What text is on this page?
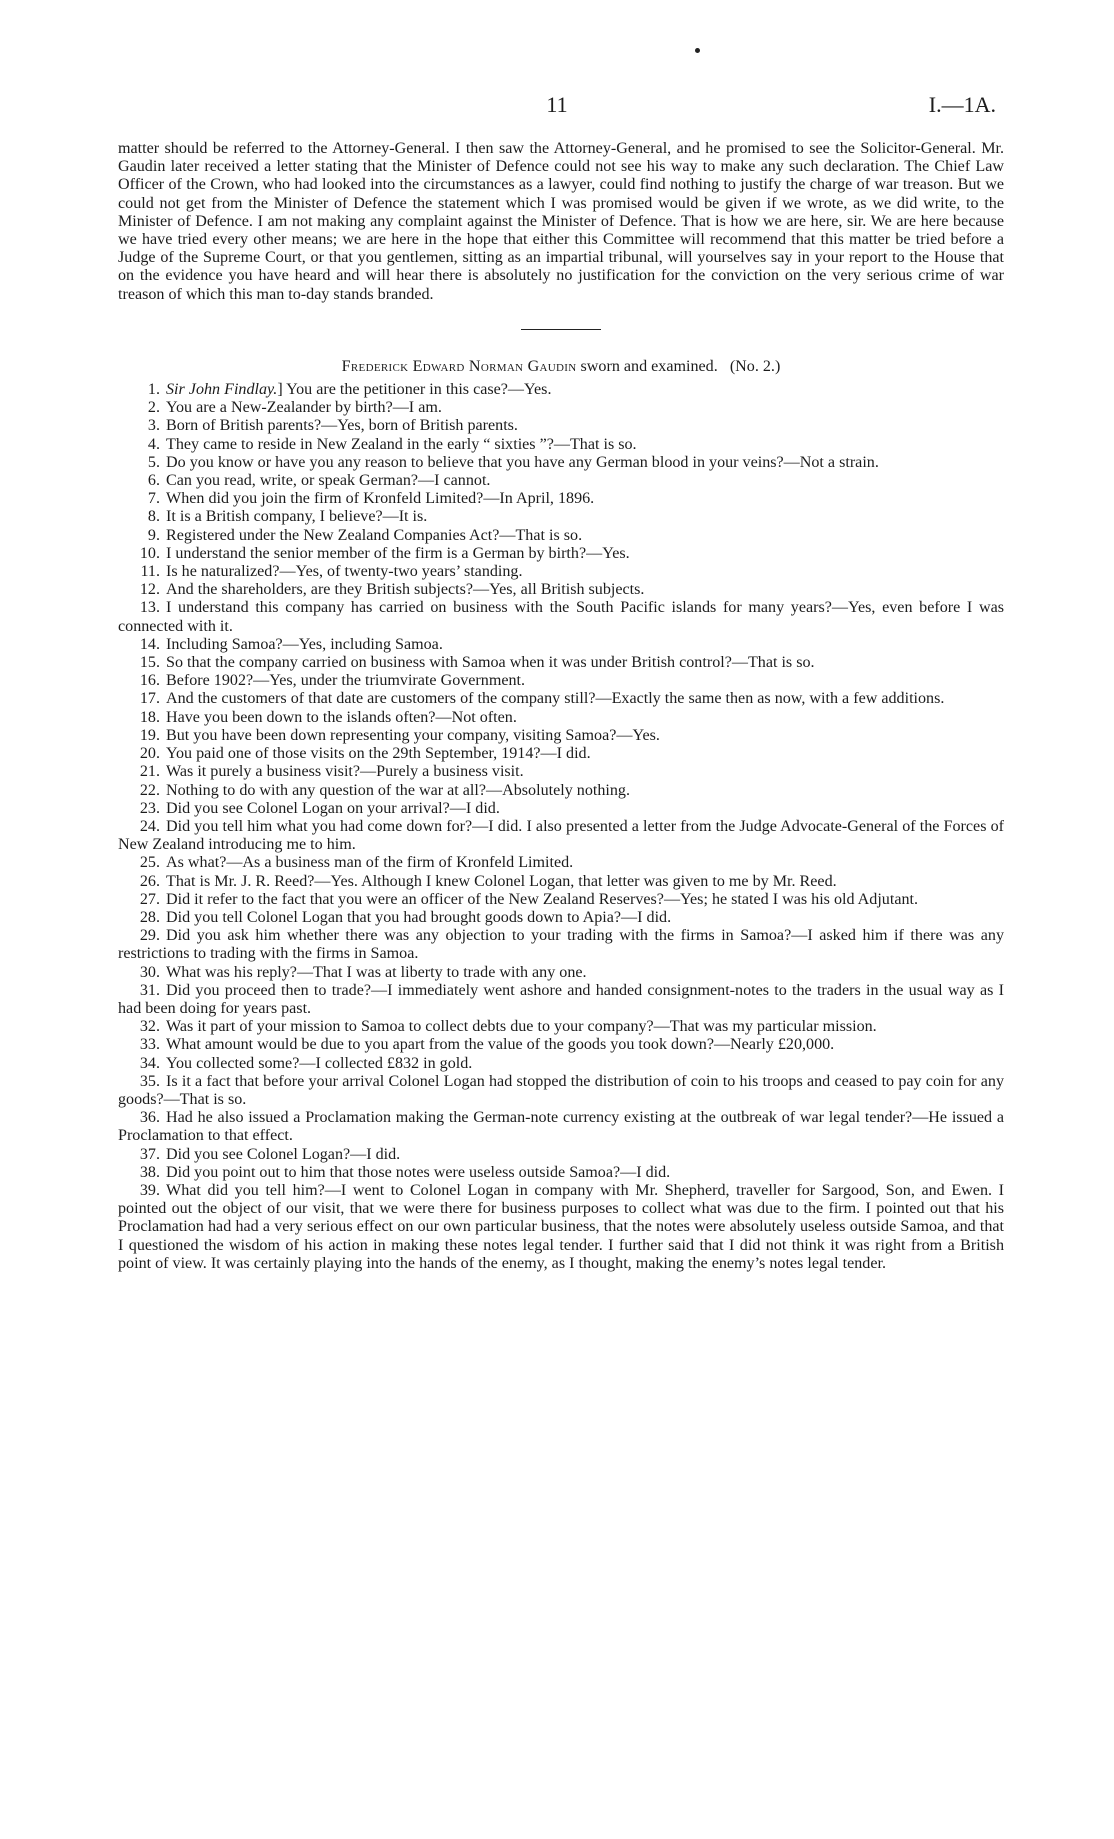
11	I.—1A.

matter should be referred to the Attorney-General. I then saw the Attorney-General, and he promised to see the Solicitor-General. Mr. Gaudin later received a letter stating that the Minister of Defence could not see his way to make any such declaration. The Chief Law Officer of the Crown, who had looked into the circumstances as a lawyer, could find nothing to justify the charge of war treason. But we could not get from the Minister of Defence the statement which I was promised would be given if we wrote, as we did write, to the Minister of Defence. I am not making any complaint against the Minister of Defence. That is how we are here, sir. We are here because we have tried every other means; we are here in the hope that either this Committee will recommend that this matter be tried before a Judge of the Supreme Court, or that you gentlemen, sitting as an impartial tribunal, will yourselves say in your report to the House that on the evidence you have heard and will hear there is absolutely no justification for the conviction on the very serious crime of war treason of which this man to-day stands branded.

Frederick Edward Norman Gaudin sworn and examined. (No. 2.)

1. Sir John Findlay.] You are the petitioner in this case?—Yes.

2. You are a New-Zealander by birth?—I am.

3. Born of British parents?—Yes, born of British parents.

4. They came to reside in New Zealand in the early “ sixties ”?—That is so.

5. Do you know or have you any reason to believe that you have any German blood in your veins?—Not a strain.

6. Can you read, write, or speak German?—I cannot.

7. When did you join the firm of Kronfeld Limited?—In April, 1896.

8. It is a British company, I believe?—It is.

9. Registered under the New Zealand Companies Act?—That is so.

10. I understand the senior member of the firm is a German by birth?—Yes.

11. Is he naturalized?—Yes, of twenty-two years’ standing.

12. And the shareholders, are they British subjects?—Yes, all British subjects.

13. I understand this company has carried on business with the South Pacific islands for many years?—Yes, even before I was connected with it.

14. Including Samoa?—Yes, including Samoa.

15. So that the company carried on business with Samoa when it was under British control?—That is so.

16. Before 1902?—Yes, under the triumvirate Government.

17. And the customers of that date are customers of the company still?—Exactly the same then as now, with a few additions.

18. Have you been down to the islands often?—Not often.

19. But you have been down representing your company, visiting Samoa?—Yes.

20. You paid one of those visits on the 29th September, 1914?—I did.

21. Was it purely a business visit?—Purely a business visit.

22. Nothing to do with any question of the war at all?—Absolutely nothing.

23. Did you see Colonel Logan on your arrival?—I did.

24. Did you tell him what you had come down for?—I did. I also presented a letter from the Judge Advocate-General of the Forces of New Zealand introducing me to him.

25. As what?—As a business man of the firm of Kronfeld Limited.

26. That is Mr. J. R. Reed?—Yes. Although I knew Colonel Logan, that letter was given to me by Mr. Reed.

27. Did it refer to the fact that you were an officer of the New Zealand Reserves?—Yes; he stated I was his old Adjutant.

28. Did you tell Colonel Logan that you had brought goods down to Apia?—I did.

29. Did you ask him whether there was any objection to your trading with the firms in Samoa?—I asked him if there was any restrictions to trading with the firms in Samoa.

30. What was his reply?—That I was at liberty to trade with any one.

31. Did you proceed then to trade?—I immediately went ashore and handed consignment-notes to the traders in the usual way as I had been doing for years past.

32. Was it part of your mission to Samoa to collect debts due to your company?—That was my particular mission.

33. What amount would be due to you apart from the value of the goods you took down?—Nearly £20,000.

34. You collected some?—I collected £832 in gold.

35. Is it a fact that before your arrival Colonel Logan had stopped the distribution of coin to his troops and ceased to pay coin for any goods?—That is so.

36. Had he also issued a Proclamation making the German-note currency existing at the outbreak of war legal tender?—He issued a Proclamation to that effect.

37. Did you see Colonel Logan?—I did.

38. Did you point out to him that those notes were useless outside Samoa?—I did.

39. What did you tell him?—I went to Colonel Logan in company with Mr. Shepherd, traveller for Sargood, Son, and Ewen. I pointed out the object of our visit, that we were there for business purposes to collect what was due to the firm. I pointed out that his Proclamation had had a very serious effect on our own particular business, that the notes were absolutely useless outside Samoa, and that I questioned the wisdom of his action in making these notes legal tender. I further said that I did not think it was right from a British point of view. It was certainly playing into the hands of the enemy, as I thought, making the enemy’s notes legal tender.
